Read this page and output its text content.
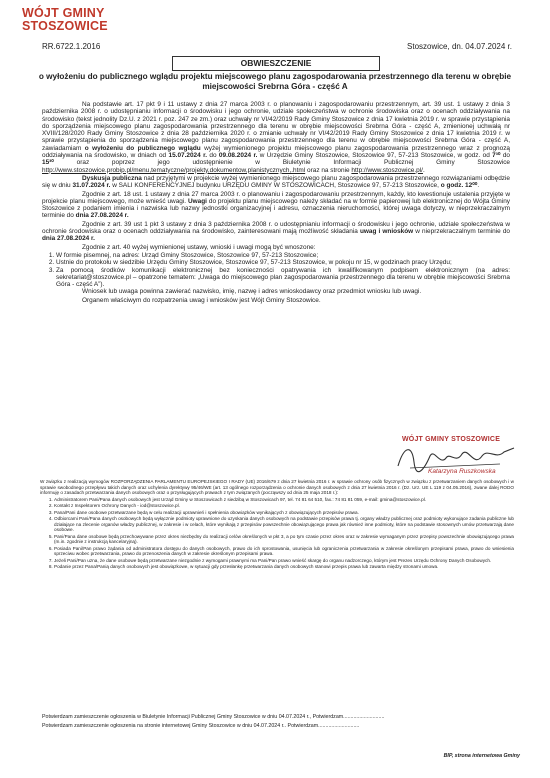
WÓJT GMINY
STOSZOWICE
RR.6722.1.2016	Stoszowice, dn. 04.07.2024 r.
OBWIESZCZENIE
o wyłożeniu do publicznego wglądu projektu miejscowego planu zagospodarowania przestrzennego dla terenu w obrębie miejscowości Srebrna Góra - część A

Na podstawie art. 17 pkt 9 i 11 ustawy z dnia 27 marca 2003 r. o planowaniu i zagospodarowaniu przestrzennym, art. 39 ust. 1 ustawy z dnia 3 października 2008 r. o udostępnianiu informacji o środowisku i jego ochronie, udziale społeczeństwa w ochronie środowiska oraz o ocenach oddziaływania na środowisko (tekst jednolity Dz.U. z 2021 r. poz. 247 ze zm.) oraz uchwały nr VI/42/2019 Rady Gminy Stoszowice z dnia 17 kwietnia 2019 r. w sprawie przystąpienia do sporządzenia miejscowego planu zagospodarowania przestrzennego dla terenu w obrębie miejscowości Srebrna Góra - część A, zmienionej uchwałą nr XVIII/128/2020 Rady Gminy Stoszowice z dnia 28 października 2020 r. o zmianie uchwały nr VI/42/2019 Rady Gminy Stoszowice z dnia 17 kwietnia 2019 r. w sprawie przystąpienia do sporządzenia miejscowego planu zagospodarowania przestrzennego dla terenu w obrębie miejscowości Srebrna Góra - część A, zawiadamiam o wyłożeniu do publicznego wglądu wyżej wymienionego projektu miejscowego planu zagospodarowania przestrzennego wraz z prognozą oddziaływania na środowisko, w dniach od 15.07.2024 r. do 09.08.2024 r. w Urzędzie Gminy Stoszowice, Stoszowice 97, 57-213 Stoszowice, w godz. od 7³⁰ do 15³⁰	oraz poprzez jego udostępnienie w Biuletynie Informacji Publicznej Gminy Stoszowice http://www.stoszowice.probip.pl/menu,tematyczne/projekty,dokumentow,planistycznych,.html oraz na stronie http://www.stoszowice.pl/.

Dyskusja publiczna nad przyjętymi w projekcie wyżej wymienionego miejscowego planu zagospodarowania przestrzennego rozwiązaniami odbędzie się w dniu 31.07.2024 r. w SALI KONFERENCYJNEJ budynku URZĘDU GMINY W STOSZOWICACH, Stoszowice 97, 57-213 Stoszowice, o godz. 12⁰⁰.

Zgodnie z art. 18 ust. 1 ustawy z dnia 27 marca 2003 r. o planowaniu i zagospodarowaniu przestrzennym, każdy, kto kwestionuje ustalenia przyjęte w projekcie planu miejscowego, może wnieść uwagi. Uwagi do projektu planu miejscowego należy składać na w formie papierowej lub elektronicznej do Wójta Gminy Stoszowice z podaniem imienia i nazwiska lub nazwy jednostki organizacyjnej i adresu, oznaczenia nieruchomości, której uwaga dotyczy, w nieprzekraczalnym terminie do dnia 27.08.2024 r.

Zgodnie z art. 39 ust 1 pkt 3 ustawy z dnia 3 października 2008 r. o udostępnianiu informacji o środowisku i jego ochronie, udziale społeczeństwa w ochronie środowiska oraz o ocenach oddziaływania na środowisko, zainteresowani mają możliwość składania uwag i wniosków w nieprzekraczalnym terminie do dnia 27.08.2024 r.

Zgodnie z art. 40 wyżej wymienionej ustawy, wnioski i uwagi mogą być wnoszone:

1. W formie pisemnej, na adres: Urząd Gminy Stoszowice, Stoszowice 97, 57-213 Stoszowice;
2. Ustnie do protokołu w siedzibie Urzędu Gminy Stoszowice, Stoszowice 97, 57-213 Stoszowice, w pokoju nr 15, w godzinach pracy Urzędu;
3. Za pomocą środków komunikacji elektronicznej bez konieczności opatrywania ich kwalifikowanym podpisem elektronicznym (na adres: sekretariat@stoszowice.pl – opatrzone tematem: „Uwaga do miejscowego plan zagospodarowania przestrzennego dla terenu w obrębie miejscowości Srebrna Góra - część A”).

Wniosek lub uwaga powinna zawierać nazwisko, imię, nazwę i adres wnioskodawcy oraz przedmiot wniosku lub uwagi.

Organem właściwym do rozpatrzenia uwag i wniosków jest Wójt Gminy Stoszowice.

WÓJT GMINY STOSZOWICE
Katarzyna Ruszkowska

W związku z realizacją wymogów ROZPORZĄDZENIA PARLAMENTU EUROPEJSKIEGO I RADY (UE) 2016/679 z dnia 27 kwietnia 2016 r. w sprawie ochrony osób fizycznych w związku z przetwarzaniem danych osobowych i w sprawie swobodnego przepływu takich danych oraz uchylenia dyrektywy 95/46/WE (art. 13 ogólnego rozporządzenia o ochronie danych osobowych z dnia 27 kwietnia 2016 r. (Dz. Urz. UE L 119 z 04.05.2016), zwane dalej RODO informuję o zasadach przetwarzania danych osobowych oraz o przysługujących prawach z tym związanych (począwszy od dnia 25 maja 2018 r.):

1. Administratorem Pani/Pana danych osobowych jest Urząd Gminy w Stoszowicach z siedzibą w Stoszowicach 97, tel. 74 81 64 510, fax.: 74 81 81 059, e-mail: gmina@stoszowice.pl.
2. Kontakt z Inspektorem Ochrony Danych - iod@stoszowice.pl.
3. Pana/Pani dane osobowe przetwarzane będą w celu realizacji uprawnień i spełnienia obowiązków wynikających z obowiązujących przepisów prawa.
4. Odbiorcami Pani/Pana danych osobowych będą wyłącznie podmioty uprawnione do uzyskania danych osobowych na podstawie przepisów prawa tj. organy władzy publicznej oraz podmioty wykonujące zadania publiczne lub działające na zlecenie organów władzy publicznej, w zakresie i w celach, które wynikają z przepisów powszechnie obowiązującego prawa jak również inne podmioty, które na podstawie stosownych umów przetwarzają dane osobowe.
5. Pani/Pana dane osobowe będą przechowywane przez okres niezbędny do realizacji celów określonych w pkt 3, a po tym czasie przez okres oraz w zakresie wymaganym przez przepisy powszechnie obowiązującego prawa (m.in. zgodnie z instrukcją kancelaryjną).
6. Posiada Pani/Pan prawo żądania od administratora dostępu do danych osobowych, prawo do ich sprostowania, usunięcia lub ograniczenia przetwarzania w zakresie określonym przepisami prawa, prawo do wniesienia sprzeciwu wobec przetwarzania, prawo do przenoszenia danych w zakresie określonym przepisami prawa.
7. Jeżeli Pani/Pan uzna, że dane osobowe będą przetwarzane niezgodnie z wymogami prawnymi ma Pani/Pan prawo wnieść skargę do organu nadzorczego, którym jest Prezes Urzędu Ochrony Danych Osobowych.
8. Podanie przez Pana/Panią danych osobowych jest obowiązkowe, w sytuacji gdy przesłankę przetwarzania danych osobowych stanowi przepis prawa lub zawarta między stronami umowa.
Potwierdzam zamieszczenie ogłoszenia w Biuletynie Informacji Publicznej Gminy Stoszowice w dniu 04.07.2024 r., Potwierdzam............................
Potwierdzam zamieszczenie ogłoszenia na stronie internetowej Gminy Stoszowice w dniu 04.07.2024 r.. Potwierdzam............................
BIP, strona internetowa Gminy
